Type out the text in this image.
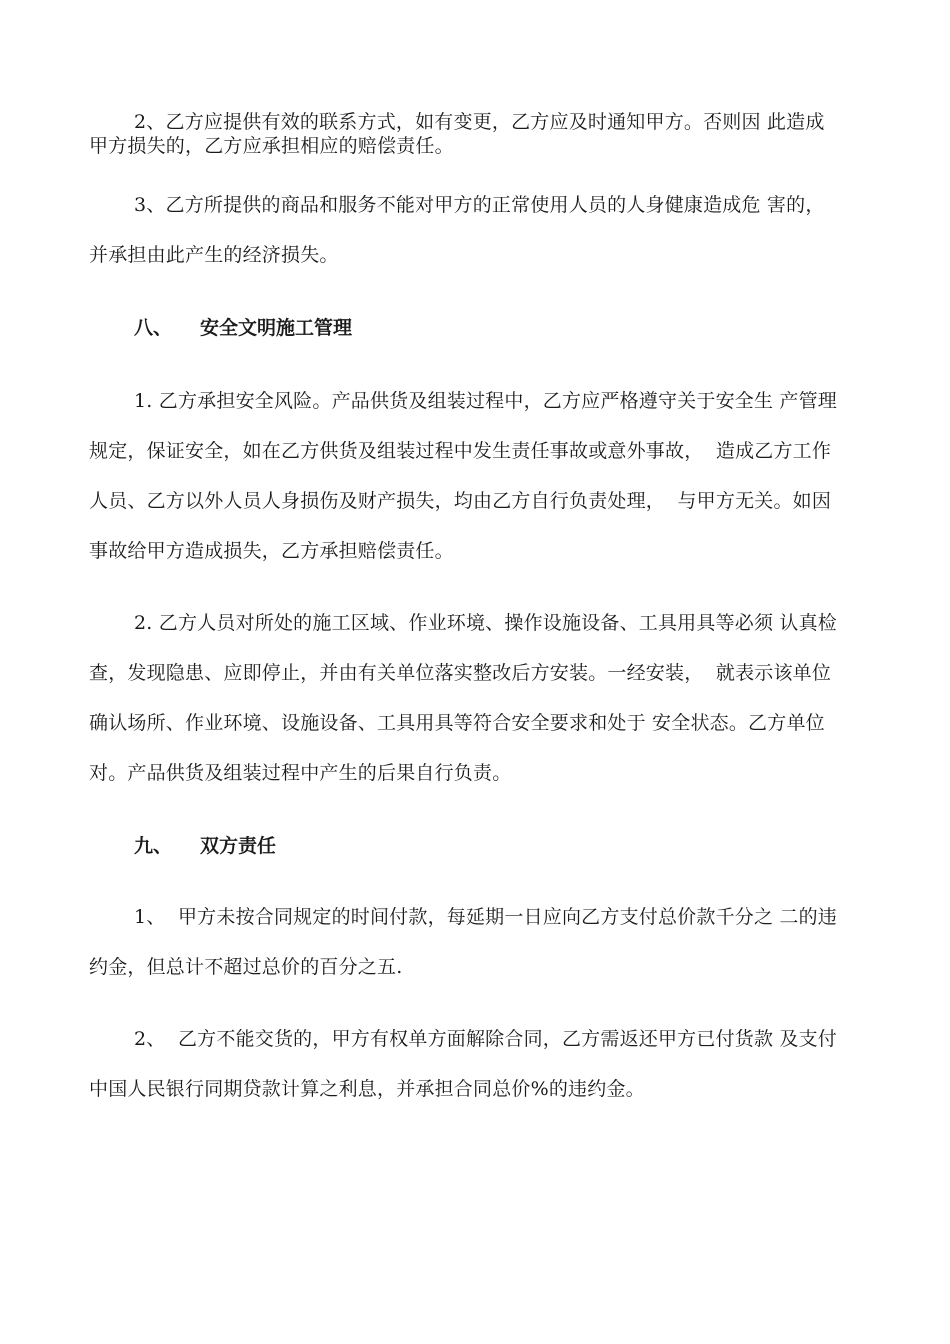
2、乙方应提供有效的联系方式，如有变更，乙方应及时通知甲方。否则因 此造成
甲方损失的，乙方应承担相应的赔偿责任。
3、乙方所提供的商品和服务不能对甲方的正常使用人员的人身健康造成危 害的，
并承担由此产生的经济损失。

八、

安全文明施工管理

1. 乙方承担安全风险。产品供货及组装过程中，乙方应严格遵守关于安全生 产管理
规定，保证安全，如在乙方供货及组装过程中发生责任事故或意外事故，  造成乙方工作
人员、乙方以外人员人身损伤及财产损失，均由乙方自行负责处理，  与甲方无关。如因
事故给甲方造成损失，乙方承担赔偿责任。
2. 乙方人员对所处的施工区域、作业环境、操作设施设备、工具用具等必须 认真检
查，发现隐患、应即停止，并由有关单位落实整改后方安装。一经安装，  就表示该单位
确认场所、作业环境、设施设备、工具用具等符合安全要求和处于 安全状态。乙方单位
对。产品供货及组装过程中产生的后果自行负责。

九、

双方责任

1、  甲方未按合同规定的时间付款，每延期一日应向乙方支付总价款千分之 二的违
约金，但总计不超过总价的百分之五.
2、  乙方不能交货的，甲方有权单方面解除合同，乙方需返还甲方已付货款 及支付
中国人民银行同期贷款计算之利息，并承担合同总价%的违约金。
